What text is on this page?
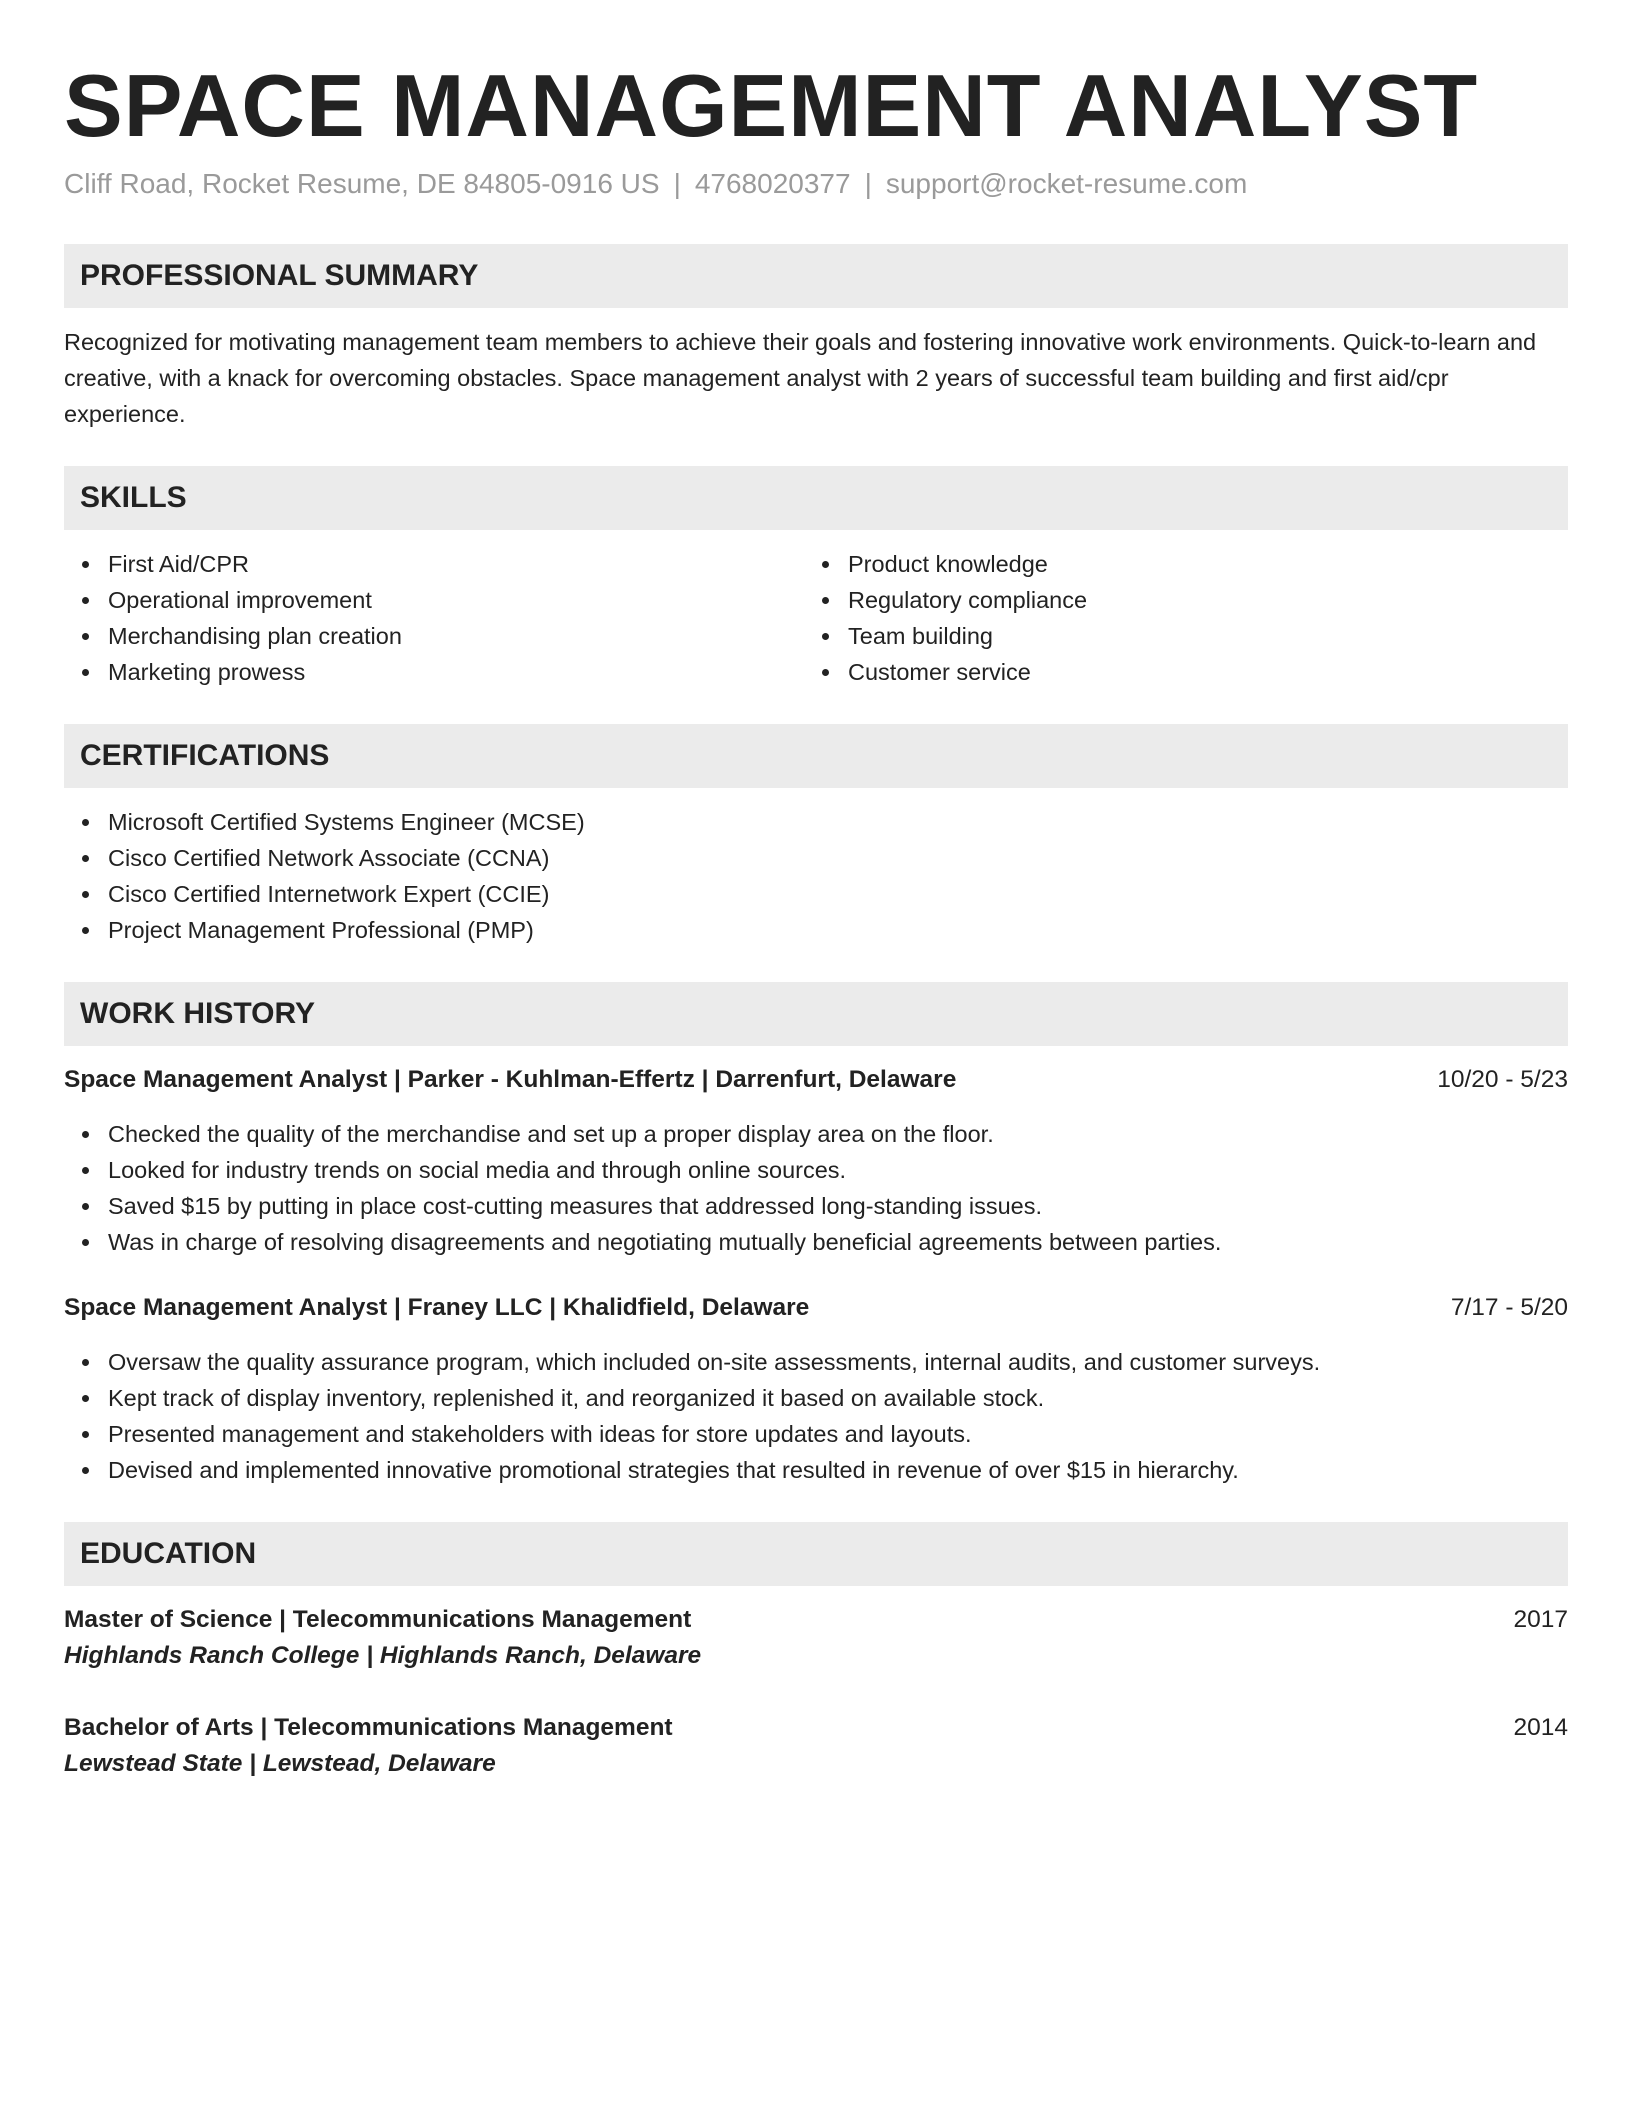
SPACE MANAGEMENT ANALYST
Cliff Road, Rocket Resume, DE 84805-0916 US | 4768020377 | support@rocket-resume.com
PROFESSIONAL SUMMARY

Recognized for motivating management team members to achieve their goals and fostering innovative work environments. Quick-to-learn and creative, with a knack for overcoming obstacles. Space management analyst with 2 years of successful team building and first aid/cpr experience.

SKILLS
First Aid/CPR
Operational improvement
Merchandising plan creation
Marketing prowess
Product knowledge
Regulatory compliance
Team building
Customer service
CERTIFICATIONS
Microsoft Certified Systems Engineer (MCSE)
Cisco Certified Network Associate (CCNA)
Cisco Certified Internetwork Expert (CCIE)
Project Management Professional (PMP)
WORK HISTORY
Space Management Analyst | Parker - Kuhlman-Effertz | Darrenfurt, Delaware	10/20 - 5/23
Checked the quality of the merchandise and set up a proper display area on the floor.
Looked for industry trends on social media and through online sources.
Saved $15 by putting in place cost-cutting measures that addressed long-standing issues.
Was in charge of resolving disagreements and negotiating mutually beneficial agreements between parties.
Space Management Analyst | Franey LLC | Khalidfield, Delaware	7/17 - 5/20
Oversaw the quality assurance program, which included on-site assessments, internal audits, and customer surveys.
Kept track of display inventory, replenished it, and reorganized it based on available stock.
Presented management and stakeholders with ideas for store updates and layouts.
Devised and implemented innovative promotional strategies that resulted in revenue of over $15 in hierarchy.
EDUCATION
Master of Science | Telecommunications Management	2017
Highlands Ranch College | Highlands Ranch, Delaware
Bachelor of Arts | Telecommunications Management	2014
Lewstead State | Lewstead, Delaware
